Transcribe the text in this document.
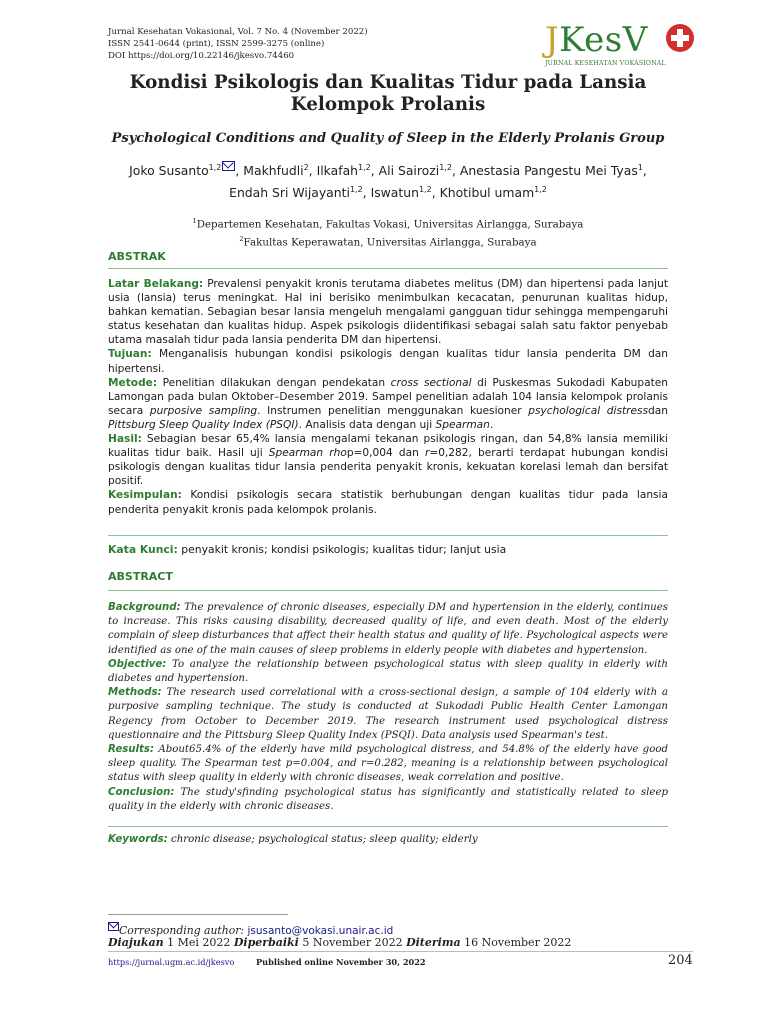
Jurnal Kesehatan Vokasional, Vol. 7 No. 4 (November 2022)
ISSN 2541-0644 (print), ISSN 2599-3275 (online)
DOI https://doi.org/10.22146/jkesvo.74460	JKesV
JURNAL KESEHATAN VOKASIONAL
Kondisi Psikologis dan Kualitas Tidur pada Lansia Kelompok Prolanis
Psychological Conditions and Quality of Sleep in the Elderly Prolanis Group
Joko Susanto$^{1,2}$ , Makhfudli$^2$, Ilkafah$^{1,2}$, Ali Sairozi$^{1,2}$, Anestasia Pangestu Mei Tyas$^1$,
Endah Sri Wijayanti$^{1,2}$, Iswatun$^{1,2}$, Khotibul umam$^{1,2}$
$^1$Departemen Kesehatan, Fakultas Vokasi, Universitas Airlangga, Surabaya
$^2$Fakultas Keperawatan, Universitas Airlangga, Surabaya
ABSTRAK

Latar Belakang: Prevalensi penyakit kronis terutama diabetes melitus (DM) dan hipertensi pada lanjut usia (lansia) terus meningkat. Hal ini berisiko menimbulkan kecacatan, penurunan kualitas hidup, bahkan kematian. Sebagian besar lansia mengeluh mengalami gangguan tidur sehingga mempengaruhi status kesehatan dan kualitas hidup. Aspek psikologis diidentifikasi sebagai salah satu faktor penyebab utama masalah tidur pada lansia penderita DM dan hipertensi.

Tujuan: Menganalisis hubungan kondisi psikologis dengan kualitas tidur lansia penderita DM dan hipertensi.

Metode: Penelitian dilakukan dengan pendekatan cross sectional di Puskesmas Sukodadi Kabupaten Lamongan pada bulan Oktober–Desember 2019. Sampel penelitian adalah 104 lansia kelompok prolanis secara purposive sampling. Instrumen penelitian menggunakan kuesioner psychological distressdan Pittsburg Sleep Quality Index (PSQI). Analisis data dengan uji Spearman.

Hasil: Sebagian besar 65,4% lansia mengalami tekanan psikologis ringan, dan 54,8% lansia memiliki kualitas tidur baik. Hasil uji Spearman rhop=0,004 dan r=0,282, berarti terdapat hubungan kondisi psikologis dengan kualitas tidur lansia penderita penyakit kronis, kekuatan korelasi lemah dan bersifat positif.

Kesimpulan: Kondisi psikologis secara statistik berhubungan dengan kualitas tidur pada lansia penderita penyakit kronis pada kelompok prolanis.

Kata Kunci: penyakit kronis; kondisi psikologis; kualitas tidur; lanjut usia
ABSTRACT

Background: The prevalence of chronic diseases, especially DM and hypertension in the elderly, continues to increase. This risks causing disability, decreased quality of life, and even death. Most of the elderly complain of sleep disturbances that affect their health status and quality of life. Psychological aspects were identified as one of the main causes of sleep problems in elderly people with diabetes and hypertension.

Objective: To analyze the relationship between psychological status with sleep quality in elderly with diabetes and hypertension.

Methods: The research used correlational with a cross-sectional design, a sample of 104 elderly with a purposive sampling technique. The study is conducted at Sukodadi Public Health Center Lamongan Regency from October to December 2019. The research instrument used psychological distress questionnaire and the Pittsburg Sleep Quality Index (PSQI). Data analysis used Spearman's test.

Results: About65.4% of the elderly have mild psychological distress, and 54.8% of the elderly have good sleep quality. The Spearman test p=0.004, and r=0.282, meaning is a relationship between psychological status with sleep quality in elderly with chronic diseases, weak correlation and positive.

Conclusion: The study'sfinding psychological status has significantly and statistically related to sleep quality in the elderly with chronic diseases.

Keywords: chronic disease; psychological status; sleep quality; elderly
Corresponding author: jsusanto@vokasi.unair.ac.id
Diajukan 1 Mei 2022 Diperbaiki 5 November 2022 Diterima 16 November 2022
https://jurnal.ugm.ac.id/jkesvo	Published online November 30, 2022	204
